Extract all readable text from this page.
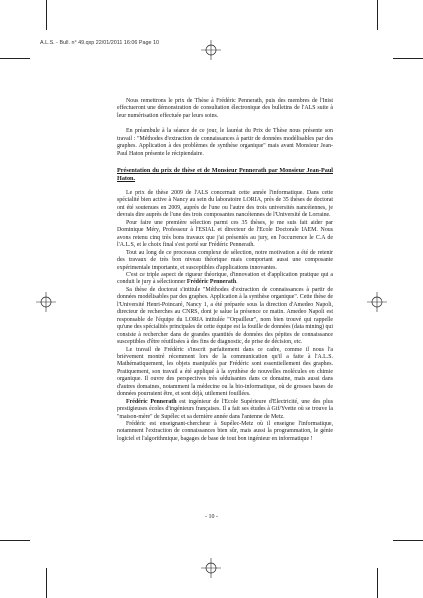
A.L.S. - Bull. n° 49.qxp 22/01/2011 16:06 Page 10

Nous remettrons le prix de Thèse à Frédéric Pennerath, puis des membres de l'Inist effectueront une démonstration de consultation électronique des bulletins de l'ALS suite à leur numérisation effectuée par leurs soins.

En préambule à la séance de ce jour, le lauréat du Prix de Thèse nous présente son travail : "Méthodes d'extraction de connaissances à partir de données modélisables par des graphes. Application à des problèmes de synthèse organique" mais avant Monsieur Jean-Paul Haton présente le récipiendaire.

Présentation du prix de thèse et de Monsieur Pennerath par Monsieur Jean-Paul Haton.

Le prix de thèse 2009 de l'ALS concernait cette année l'informatique. Dans cette spécialité bien active à Nancy au sein du laboratoire LORIA, près de 35 thèses de doctorat ont été soutenues en 2009, auprès de l'une ou l'autre des trois universités nancéiennes, je devrais dire auprès de l'une des trois composantes nancéiennes de l'Université de Lorraine.

Pour faire une première sélection parmi ces 35 thèses, je me suis fait aider par Dominique Méry, Professeur à l'ESIAL et directeur de l'Ecole Doctorale IAEM. Nous avons retenu cinq très bons travaux que j'ai présentés au jury, en l'occurrence le C.A de l'A.L.S, et le choix final s'est porté sur Frédéric Pennerath.

Tout au long de ce processus complexe de sélection, notre motivation a été de retenir des travaux de très bon niveau théorique mais comportant aussi une composante expérimentale importante, et susceptibles d'applications innovantes.

C'est ce triple aspect de rigueur théorique, d'innovation et d'application pratique qui a conduit le jury à sélectionner Frédéric Pennerath.

Sa thèse de doctorat s'intitule "Méthodes d'extraction de connaissances à partir de données modélisables par des graphes. Application à la synthèse organique". Cette thèse de l'Université Henri-Poincaré, Nancy 1, a été préparée sous la direction d'Amedeo Napoli, directeur de recherches au CNRS, dont je salue la présence ce matin. Amedeo Napoli est responsable de l'équipe du LORIA intitulée "Orpailleur", nom bien trouvé qui rappelle qu'une des spécialités principales de cette équipe est la fouille de données (data mining) qui consiste à rechercher dans de grandes quantités de données des pépites de connaissance susceptibles d'être réutilisées à des fins de diagnostic, de prise de décision, etc.

Le travail de Frédéric s'inscrit parfaitement dans ce cadre, comme il nous l'a brièvement montré récemment lors de la communication qu'il a faite à l'A.L.S. Mathématiquement, les objets manipulés par Frédéric sont essentiellement des graphes. Pratiquement, son travail a été appliqué à la synthèse de nouvelles molécules en chimie organique. Il ouvre des perspectives très séduisantes dans ce domaine, mais aussi dans d'autres domaines, notamment la médecine ou la bio-informatique, où de grosses bases de données pourraient être, et sont déjà, utilement fouillées.

Frédéric Pennerath est ingénieur de l'Ecole Supérieure d'Electricité, une des plus prestigieuses écoles d'ingénieurs françaises. Il a fait ses études à Gif/Yvette où se trouve la "maison-mère" de Supélec et sa dernière année dans l'antenne de Metz.

Frédéric est enseignant-chercheur à Supélec-Metz où il enseigne l'informatique, notamment l'extraction de connaissances bien sûr, mais aussi la programmation, le génie logiciel et l'algorithmique, bagages de base de tout bon ingénieur en informatique !

- 10 -
